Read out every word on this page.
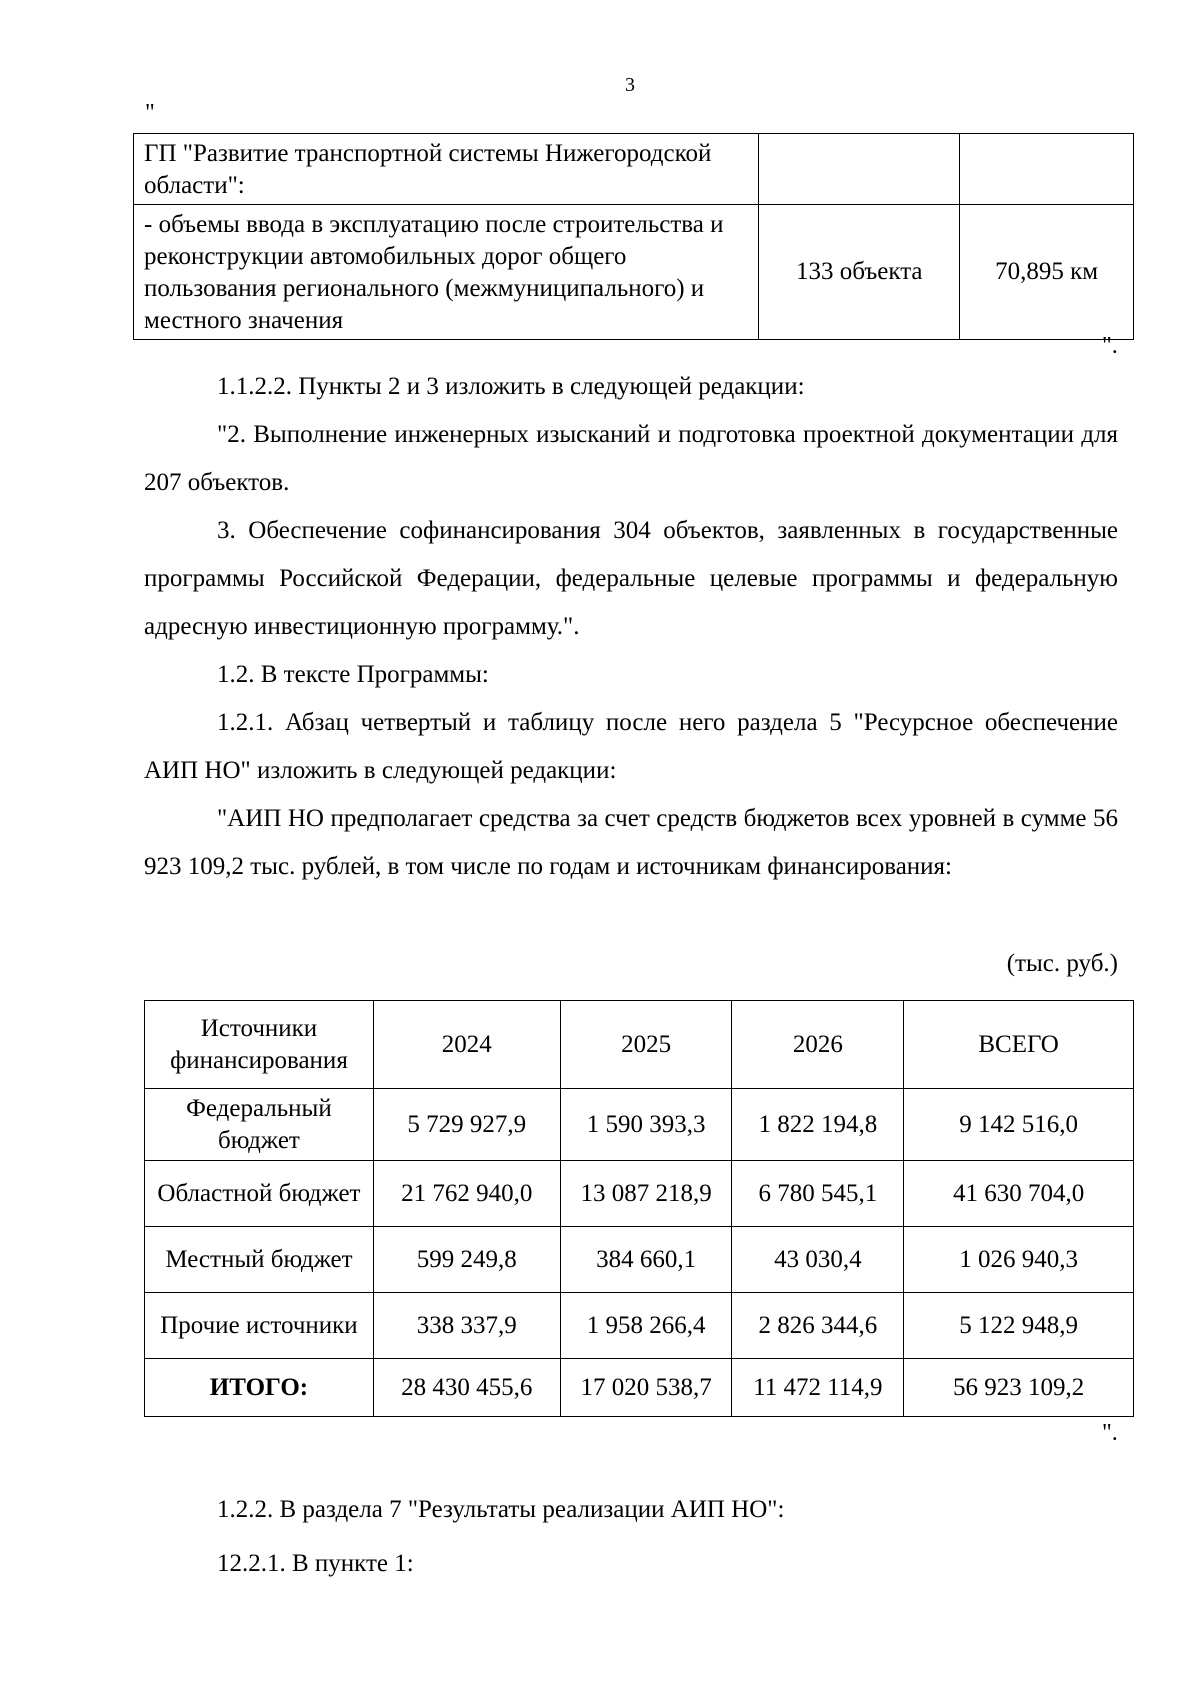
3
"
ГП "Развитие транспортной системы Нижегородской области":		
- объемы ввода в эксплуатацию после строительства и реконструкции автомобильных дорог общего пользования регионального (межмуниципального) и местного значения	133 объекта	70,895 км
".

1.1.2.2. Пункты 2 и 3 изложить в следующей редакции:

"2. Выполнение инженерных изысканий и подготовка проектной документации для 207 объектов.

3. Обеспечение софинансирования 304 объектов, заявленных в государственные программы Российской Федерации, федеральные целевые программы и федеральную адресную инвестиционную программу.".

1.2. В тексте Программы:

1.2.1. Абзац четвертый и таблицу после него раздела 5 "Ресурсное обеспечение АИП НО" изложить в следующей редакции:

"АИП НО предполагает средства за счет средств бюджетов всех уровней в сумме 56 923 109,2 тыс. рублей, в том числе по годам и источникам финансирования:

(тыс. руб.)
Источники финансирования	2024	2025	2026	ВСЕГО
Федеральный бюджет	5 729 927,9	1 590 393,3	1 822 194,8	9 142 516,0
Областной бюджет	21 762 940,0	13 087 218,9	6 780 545,1	41 630 704,0
Местный бюджет	599 249,8	384 660,1	43 030,4	1 026 940,3
Прочие источники	338 337,9	1 958 266,4	2 826 344,6	5 122 948,9
ИТОГО:	28 430 455,6	17 020 538,7	11 472 114,9	56 923 109,2
".

1.2.2. В раздела 7 "Результаты реализации АИП НО":

12.2.1. В пункте 1:
